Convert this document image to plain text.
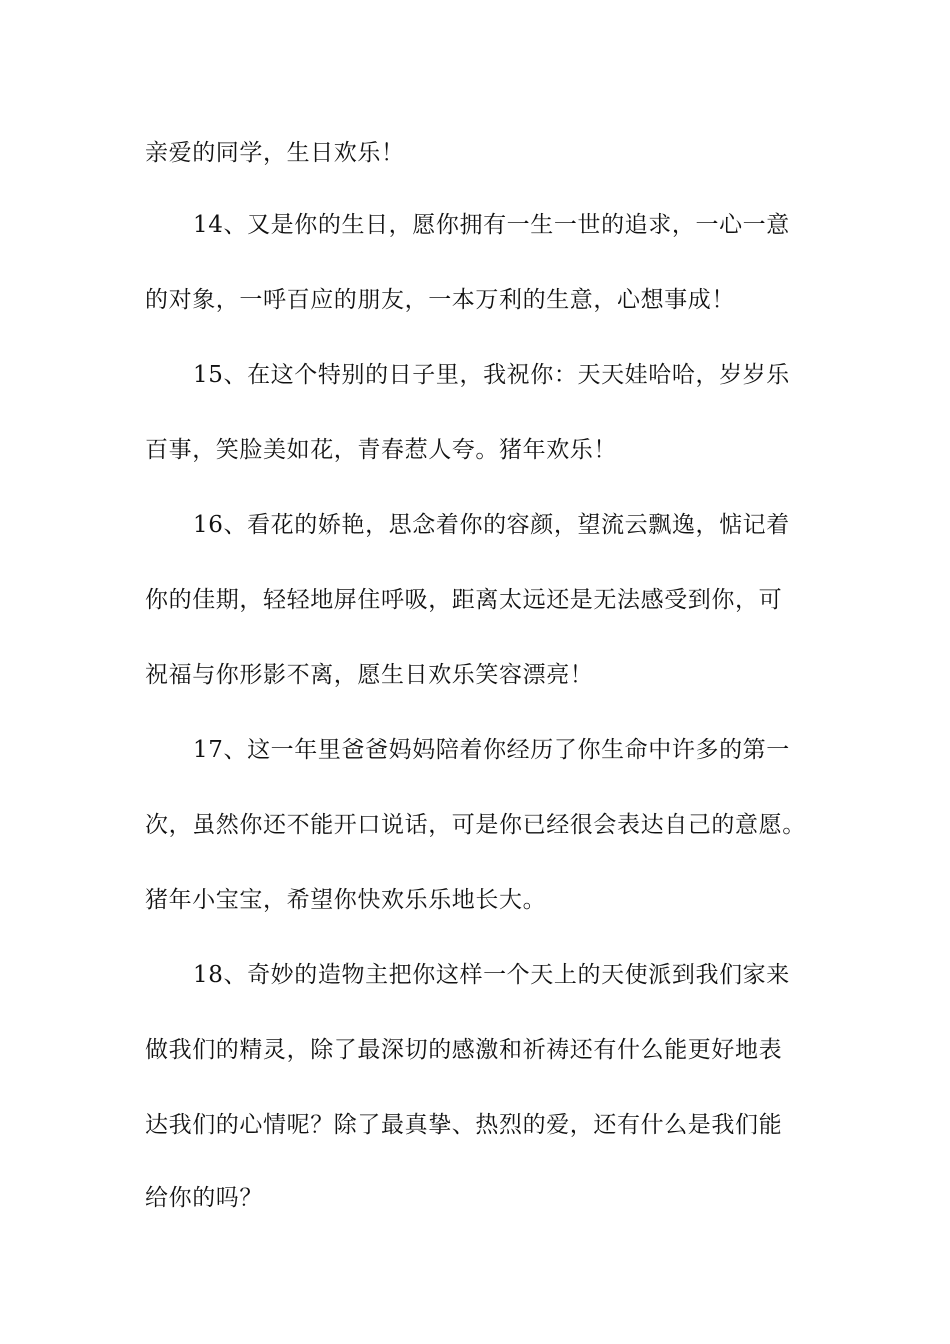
亲爱的同学，生日欢乐！
14、又是你的生日，愿你拥有一生一世的追求，一心一意
的对象，一呼百应的朋友，一本万利的生意，心想事成！
15、在这个特别的日子里，我祝你：天天娃哈哈，岁岁乐
百事，笑脸美如花，青春惹人夸。猪年欢乐！
16、看花的娇艳，思念着你的容颜，望流云飘逸，惦记着
你的佳期，轻轻地屏住呼吸，距离太远还是无法感受到你，可
祝福与你形影不离，愿生日欢乐笑容漂亮！
17、这一年里爸爸妈妈陪着你经历了你生命中许多的第一
次，虽然你还不能开口说话，可是你已经很会表达自己的意愿。
猪年小宝宝，希望你快欢乐乐地长大。
18、奇妙的造物主把你这样一个天上的天使派到我们家来
做我们的精灵，除了最深切的感激和祈祷还有什么能更好地表
达我们的心情呢？除了最真挚、热烈的爱，还有什么是我们能
给你的吗？
